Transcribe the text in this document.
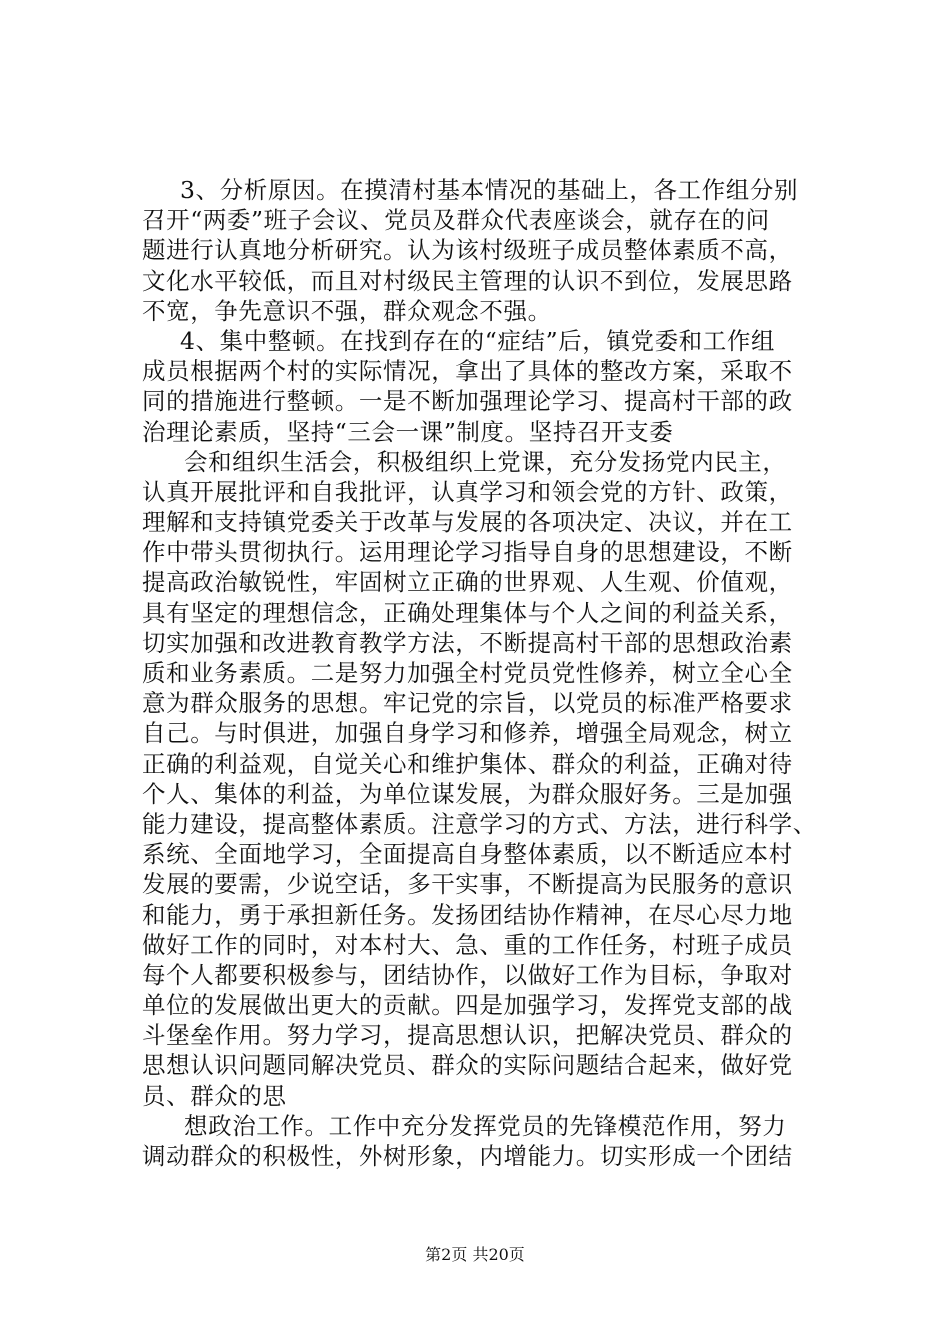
3、分析原因。在摸清村基本情况的基础上，各工作组分别
召开“两委”班子会议、党员及群众代表座谈会，就存在的问
题进行认真地分析研究。认为该村级班子成员整体素质不高，
文化水平较低，而且对村级民主管理的认识不到位，发展思路
不宽，争先意识不强，群众观念不强。
4、集中整顿。在找到存在的“症结”后，镇党委和工作组
成员根据两个村的实际情况，拿出了具体的整改方案，采取不
同的措施进行整顿。一是不断加强理论学习、提高村干部的政
治理论素质，坚持“三会一课”制度。坚持召开支委
会和组织生活会，积极组织上党课，充分发扬党内民主，
认真开展批评和自我批评，认真学习和领会党的方针、政策，
理解和支持镇党委关于改革与发展的各项决定、决议，并在工
作中带头贯彻执行。运用理论学习指导自身的思想建设，不断
提高政治敏锐性，牢固树立正确的世界观、人生观、价值观，
具有坚定的理想信念，正确处理集体与个人之间的利益关系，
切实加强和改进教育教学方法，不断提高村干部的思想政治素
质和业务素质。二是努力加强全村党员党性修养，树立全心全
意为群众服务的思想。牢记党的宗旨，以党员的标准严格要求
自己。与时俱进，加强自身学习和修养，增强全局观念，树立
正确的利益观，自觉关心和维护集体、群众的利益，正确对待
个人、集体的利益，为单位谋发展，为群众服好务。三是加强
能力建设，提高整体素质。注意学习的方式、方法，进行科学、
系统、全面地学习，全面提高自身整体素质，以不断适应本村
发展的要需，少说空话，多干实事，不断提高为民服务的意识
和能力，勇于承担新任务。发扬团结协作精神，在尽心尽力地
做好工作的同时，对本村大、急、重的工作任务，村班子成员
每个人都要积极参与，团结协作，以做好工作为目标，争取对
单位的发展做出更大的贡献。四是加强学习，发挥党支部的战
斗堡垒作用。努力学习，提高思想认识，把解决党员、群众的
思想认识问题同解决党员、群众的实际问题结合起来，做好党
员、群众的思
想政治工作。工作中充分发挥党员的先锋模范作用，努力
调动群众的积极性，外树形象，内增能力。切实形成一个团结
第2页 共20页
